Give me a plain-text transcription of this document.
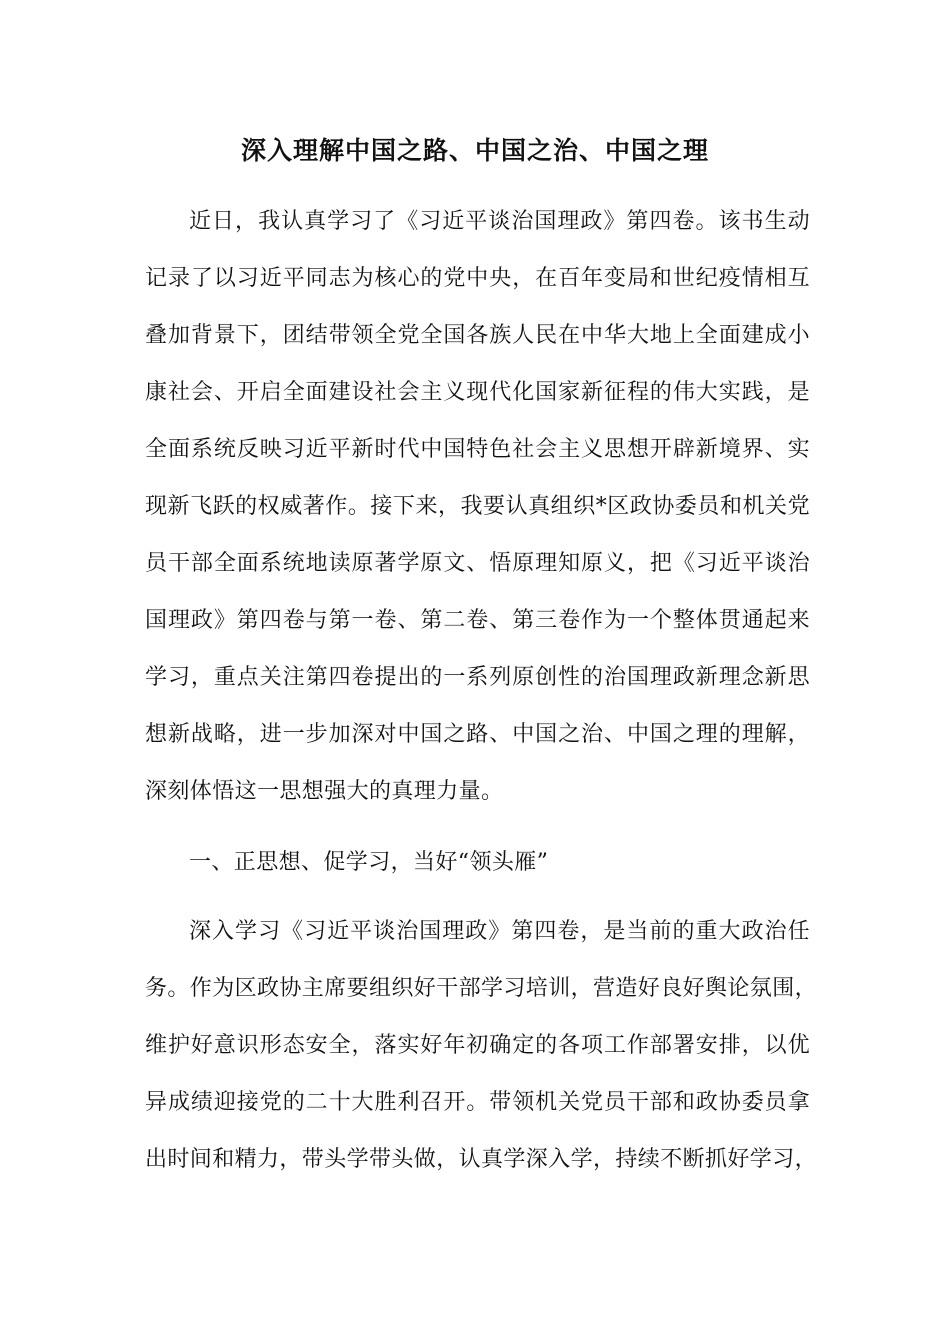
深入理解中国之路、中国之治、中国之理

近日，我认真学习了《习近平谈治国理政》第四卷。该书生动

记录了以习近平同志为核心的党中央，在百年变局和世纪疫情相互

叠加背景下，团结带领全党全国各族人民在中华大地上全面建成小

康社会、开启全面建设社会主义现代化国家新征程的伟大实践，是

全面系统反映习近平新时代中国特色社会主义思想开辟新境界、实

现新飞跃的权威著作。接下来，我要认真组织*区政协委员和机关党

员干部全面系统地读原著学原文、悟原理知原义，把《习近平谈治

国理政》第四卷与第一卷、第二卷、第三卷作为一个整体贯通起来

学习，重点关注第四卷提出的一系列原创性的治国理政新理念新思

想新战略，进一步加深对中国之路、中国之治、中国之理的理解，

深刻体悟这一思想强大的真理力量。

一、正思想、促学习，当好“领头雁”

深入学习《习近平谈治国理政》第四卷，是当前的重大政治任

务。作为区政协主席要组织好干部学习培训，营造好良好舆论氛围，

维护好意识形态安全，落实好年初确定的各项工作部署安排，以优

异成绩迎接党的二十大胜利召开。带领机关党员干部和政协委员拿

出时间和精力，带头学带头做，认真学深入学，持续不断抓好学习，
